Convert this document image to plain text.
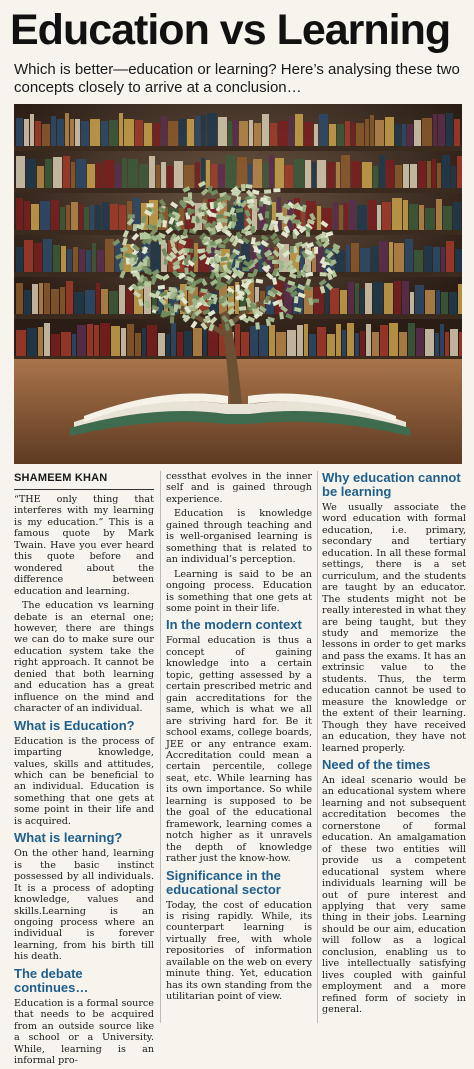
Education vs Learning
Which is better—education or learning? Here’s analysing these two concepts closely to arrive at a conclusion…
SHAMEEM KHAN

“THE only thing that interferes with my learning is my education.” This is a famous quote by Mark Twain. Have you ever heard this quote before and wondered about the difference between education and learning.

The education vs learning debate is an eternal one; however, there are things we can do to make sure our education system take the right approach. It cannot be denied that both learning and education has a great influence on the mind and character of an individual.

What is Education?

Education is the process of imparting knowledge, values, skills and attitudes, which can be beneficial to an individual. Education is something that one gets at some point in their life and is acquired.

What is learning?

On the other hand, learning is the basic instinct possessed by all individuals. It is a process of adopting knowledge, values and skills.Learning is an ongoing process where an individual is forever learning, from his birth till his death.

The debate continues…

Education is a formal source that needs to be acquired from an outside source like a school or a University. While, learning is an informal pro-

cessthat evolves in the inner self and is gained through experience.

Education is knowledge gained through teaching and is well-organised learning is something that is related to an individual’s perception.

Learning is said to be an ongoing process. Education is something that one gets at some point in their life.

In the modern context

Formal education is thus a concept of gaining knowledge into a certain topic, getting assessed by a certain prescribed metric and gain accreditations for the same, which is what we all are striving hard for. Be it school exams, college boards, JEE or any entrance exam. Accreditation could mean a certain percentile, college seat, etc. While learning has its own importance. So while learning is supposed to be the goal of the educational framework, learning comes a notch higher as it unravels the depth of knowledge rather just the know-how.

Significance in the educational sector

Today, the cost of education is rising rapidly. While, its counterpart learning is virtually free, with whole repositories of information available on the web on every minute thing. Yet, education has its own standing from the utilitarian point of view.

Why education cannot be learning

We usually associate the word education with formal education, i.e. primary, secondary and tertiary education. In all these formal settings, there is a set curriculum, and the students are taught by an educator. The students might not be really interested in what they are being taught, but they study and memorize the lessons in order to get marks and pass the exams. It has an extrinsic value to the students. Thus, the term education cannot be used to measure the knowledge or the extent of their learning. Though they have received an education, they have not learned properly.

Need of the times

An ideal scenario would be an educational system where learning and not subsequent accreditation becomes the cornerstone of formal education. An amalgamation of these two entities will provide us a competent educational system where individuals learning will be out of pure interest and applying that very same thing in their jobs. Learning should be our aim, education will follow as a logical conclusion, enabling us to live intellectually satisfying lives coupled with gainful employment and a more refined form of society in general.
